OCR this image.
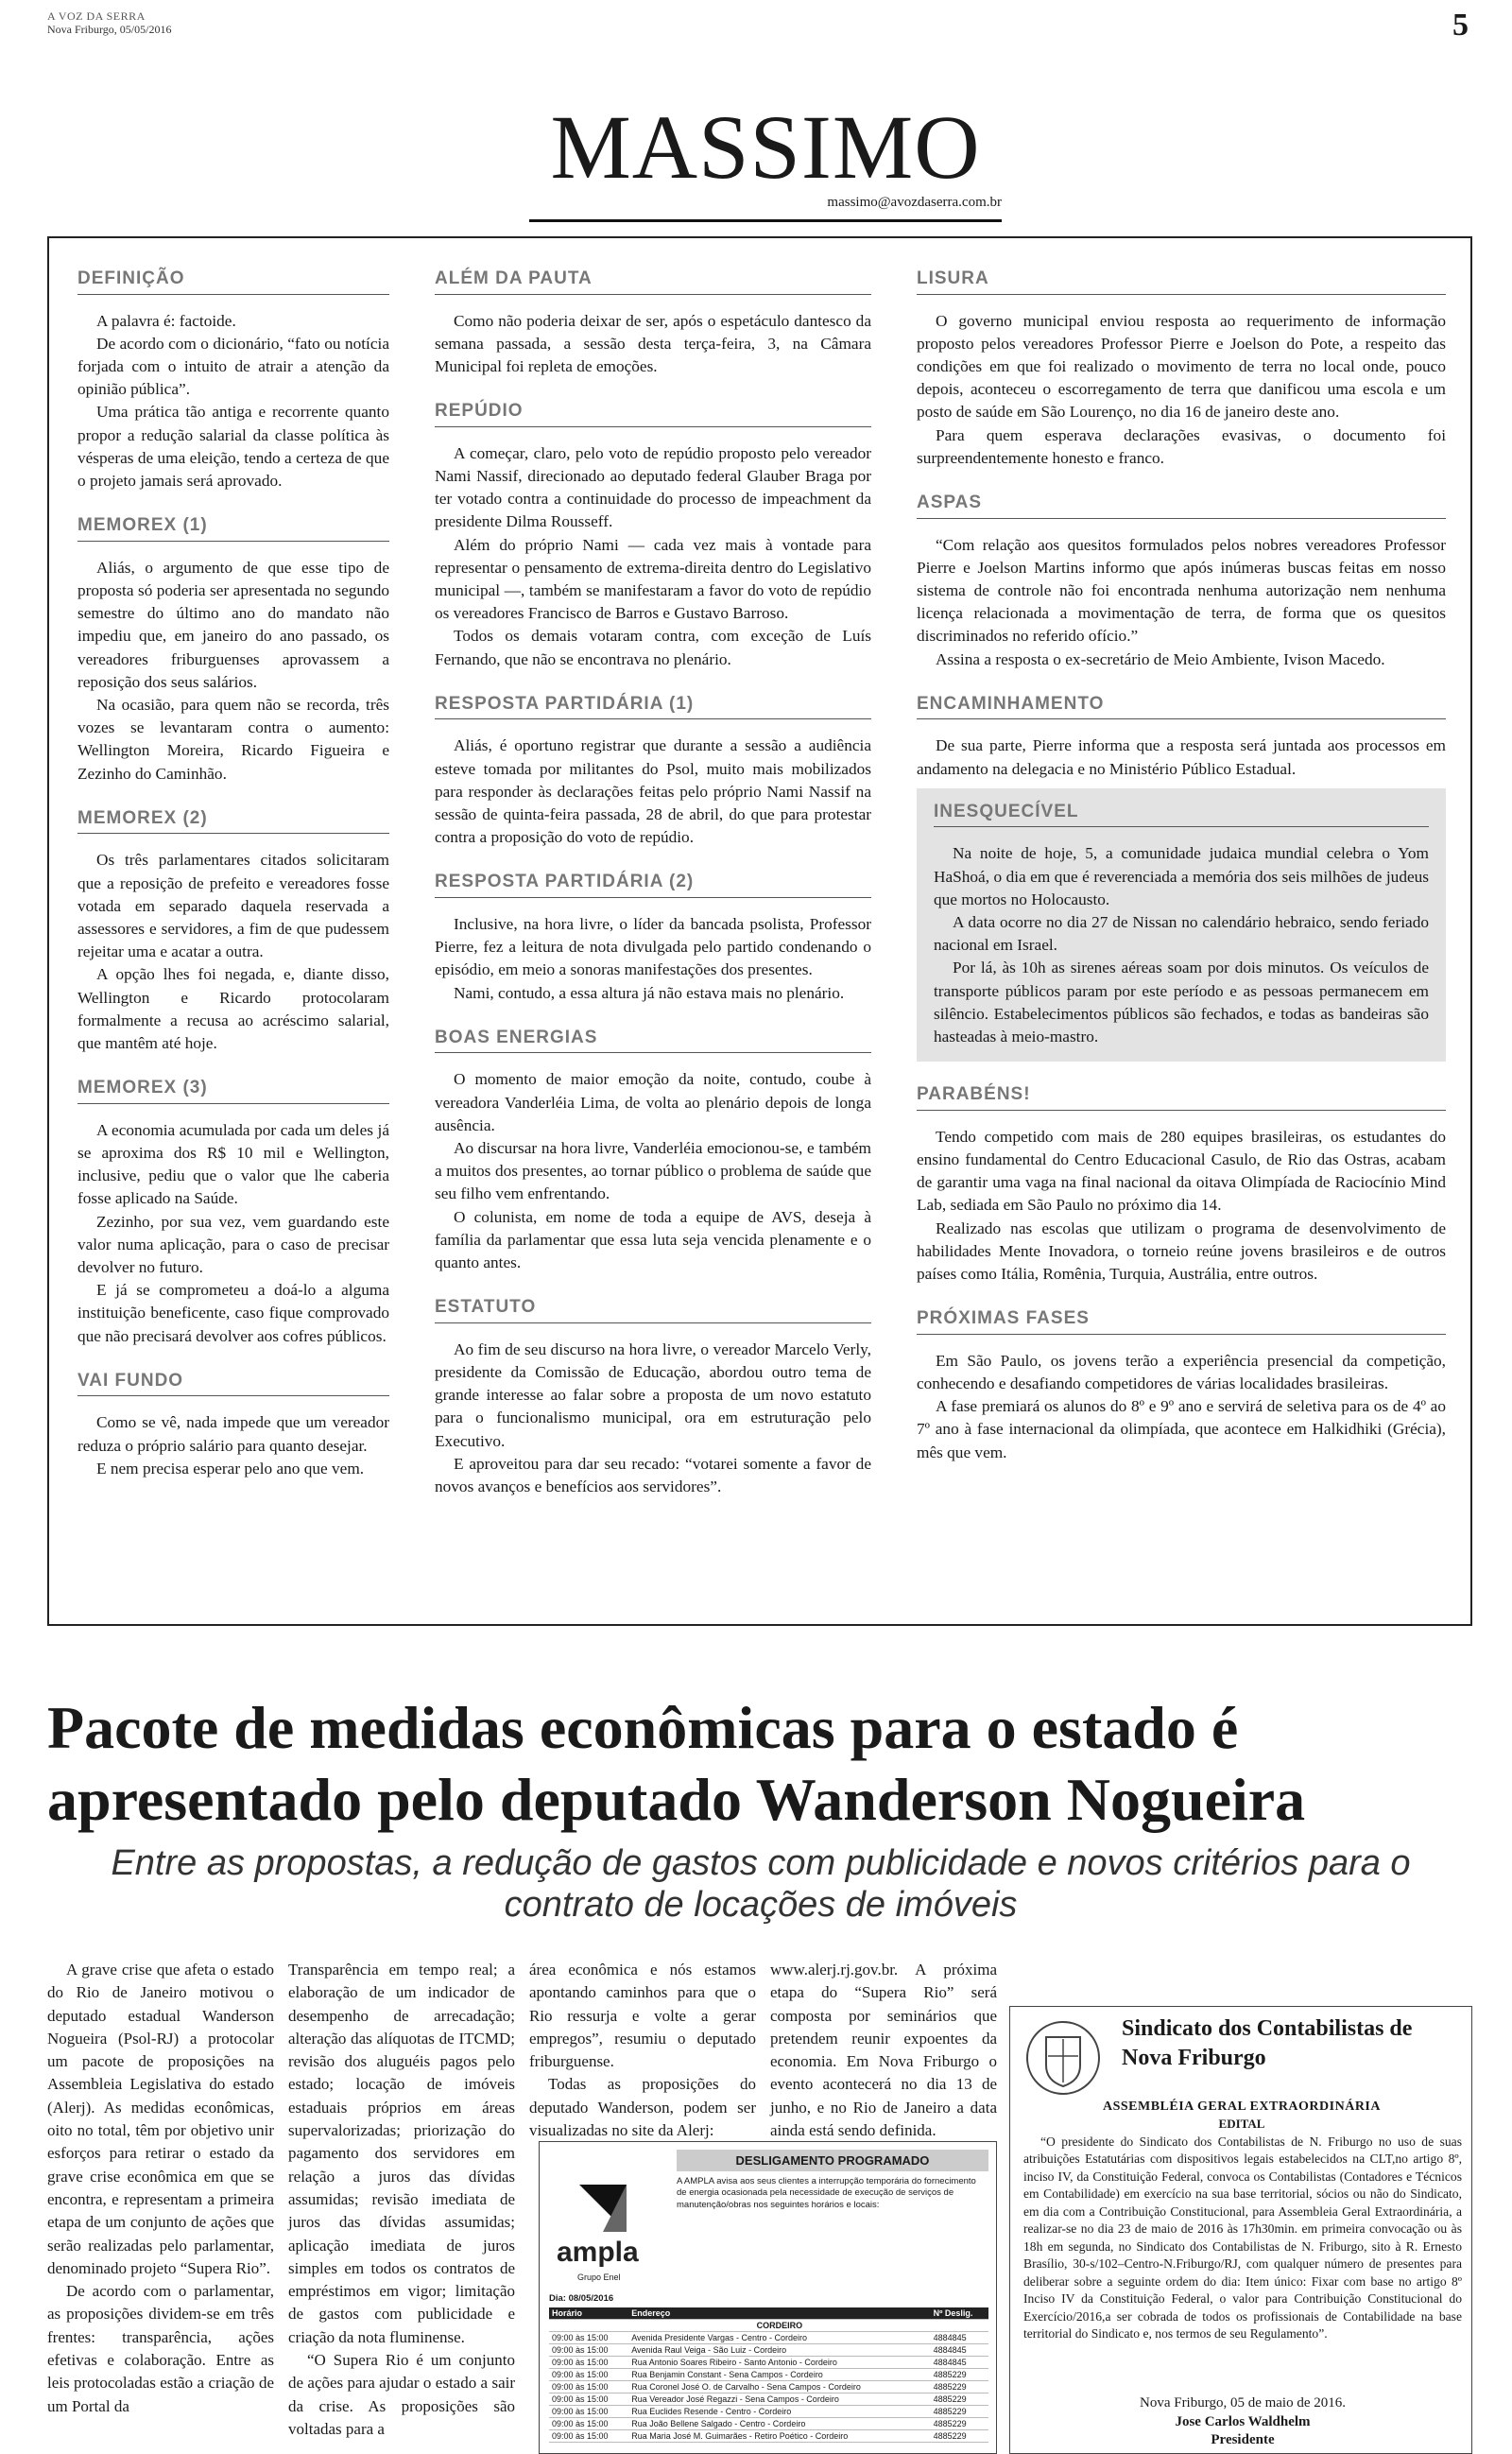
A VOZ DA SERRA
Nova Friburgo, 05/05/2016	5
MASSIMO
massimo@avozdaserra.com.br
DEFINIÇÃO

A palavra é: factoide.

De acordo com o dicionário, “fato ou notícia forjada com o intuito de atrair a atenção da opinião pública”.

Uma prática tão antiga e recorrente quanto propor a redução salarial da classe política às vésperas de uma eleição, tendo a certeza de que o projeto jamais será aprovado.

MEMOREX (1)

Aliás, o argumento de que esse tipo de proposta só poderia ser apresentada no segundo semestre do último ano do mandato não impediu que, em janeiro do ano passado, os vereadores friburguenses aprovassem a reposição dos seus salários.

Na ocasião, para quem não se recorda, três vozes se levantaram contra o aumento: Wellington Moreira, Ricardo Figueira e Zezinho do Caminhão.

MEMOREX (2)

Os três parlamentares citados solicitaram que a reposição de prefeito e vereadores fosse votada em separado daquela reservada a assessores e servidores, a fim de que pudessem rejeitar uma e acatar a outra.

A opção lhes foi negada, e, diante disso, Wellington e Ricardo protocolaram formalmente a recusa ao acréscimo salarial, que mantêm até hoje.

MEMOREX (3)

A economia acumulada por cada um deles já se aproxima dos R$ 10 mil e Wellington, inclusive, pediu que o valor que lhe caberia fosse aplicado na Saúde.

Zezinho, por sua vez, vem guardando este valor numa aplicação, para o caso de precisar devolver no futuro.

E já se comprometeu a doá-lo a alguma instituição beneficente, caso fique comprovado que não precisará devolver aos cofres públicos.

VAI FUNDO

Como se vê, nada impede que um vereador reduza o próprio salário para quanto desejar.

E nem precisa esperar pelo ano que vem.

ALÉM DA PAUTA

Como não poderia deixar de ser, após o espetáculo dantesco da semana passada, a sessão desta terça-feira, 3, na Câmara Municipal foi repleta de emoções.

REPÚDIO

A começar, claro, pelo voto de repúdio proposto pelo vereador Nami Nassif, direcionado ao deputado federal Glauber Braga por ter votado contra a continuidade do processo de impeachment da presidente Dilma Rousseff.

Além do próprio Nami — cada vez mais à vontade para representar o pensamento de extrema-direita dentro do Legislativo municipal —, também se manifestaram a favor do voto de repúdio os vereadores Francisco de Barros e Gustavo Barroso.

Todos os demais votaram contra, com exceção de Luís Fernando, que não se encontrava no plenário.

RESPOSTA PARTIDÁRIA (1)

Aliás, é oportuno registrar que durante a sessão a audiência esteve tomada por militantes do Psol, muito mais mobilizados para responder às declarações feitas pelo próprio Nami Nassif na sessão de quinta-feira passada, 28 de abril, do que para protestar contra a proposição do voto de repúdio.

RESPOSTA PARTIDÁRIA (2)

Inclusive, na hora livre, o líder da bancada psolista, Professor Pierre, fez a leitura de nota divulgada pelo partido condenando o episódio, em meio a sonoras manifestações dos presentes.

Nami, contudo, a essa altura já não estava mais no plenário.

BOAS ENERGIAS

O momento de maior emoção da noite, contudo, coube à vereadora Vanderléia Lima, de volta ao plenário depois de longa ausência.

Ao discursar na hora livre, Vanderléia emocionou-se, e também a muitos dos presentes, ao tornar público o problema de saúde que seu filho vem enfrentando.

O colunista, em nome de toda a equipe de AVS, deseja à família da parlamentar que essa luta seja vencida plenamente e o quanto antes.

ESTATUTO

Ao fim de seu discurso na hora livre, o vereador Marcelo Verly, presidente da Comissão de Educação, abordou outro tema de grande interesse ao falar sobre a proposta de um novo estatuto para o funcionalismo municipal, ora em estruturação pelo Executivo.

E aproveitou para dar seu recado: “votarei somente a favor de novos avanços e benefícios aos servidores”.

LISURA

O governo municipal enviou resposta ao requerimento de informação proposto pelos vereadores Professor Pierre e Joelson do Pote, a respeito das condições em que foi realizado o movimento de terra no local onde, pouco depois, aconteceu o escorregamento de terra que danificou uma escola e um posto de saúde em São Lourenço, no dia 16 de janeiro deste ano.

Para quem esperava declarações evasivas, o documento foi surpreendentemente honesto e franco.

ASPAS

“Com relação aos quesitos formulados pelos nobres vereadores Professor Pierre e Joelson Martins informo que após inúmeras buscas feitas em nosso sistema de controle não foi encontrada nenhuma autorização nem nenhuma licença relacionada a movimentação de terra, de forma que os quesitos discriminados no referido ofício.”

Assina a resposta o ex-secretário de Meio Ambiente, Ivison Macedo.

ENCAMINHAMENTO

De sua parte, Pierre informa que a resposta será juntada aos processos em andamento na delegacia e no Ministério Público Estadual.

INESQUECÍVEL

Na noite de hoje, 5, a comunidade judaica mundial celebra o Yom HaShoá, o dia em que é reverenciada a memória dos seis milhões de judeus que mortos no Holocausto.

A data ocorre no dia 27 de Nissan no calendário hebraico, sendo feriado nacional em Israel.

Por lá, às 10h as sirenes aéreas soam por dois minutos. Os veículos de transporte públicos param por este período e as pessoas permanecem em silêncio. Estabelecimentos públicos são fechados, e todas as bandeiras são hasteadas à meio-mastro.

PARABÉNS!

Tendo competido com mais de 280 equipes brasileiras, os estudantes do ensino fundamental do Centro Educacional Casulo, de Rio das Ostras, acabam de garantir uma vaga na final nacional da oitava Olimpíada de Raciocínio Mind Lab, sediada em São Paulo no próximo dia 14.

Realizado nas escolas que utilizam o programa de desenvolvimento de habilidades Mente Inovadora, o torneio reúne jovens brasileiros e de outros países como Itália, Romênia, Turquia, Austrália, entre outros.

PRÓXIMAS FASES

Em São Paulo, os jovens terão a experiência presencial da competição, conhecendo e desafiando competidores de várias localidades brasileiras.

A fase premiará os alunos do 8º e 9º ano e servirá de seletiva para os de 4º ao 7º ano à fase internacional da olimpíada, que acontece em Halkidhiki (Grécia), mês que vem.

Pacote de medidas econômicas para o estado é apresentado pelo deputado Wanderson Nogueira
Entre as propostas, a redução de gastos com publicidade e novos critérios para o contrato de locações de imóveis

A grave crise que afeta o estado do Rio de Janeiro motivou o deputado estadual Wanderson Nogueira (Psol-RJ) a protocolar um pacote de proposições na Assembleia Legislativa do estado (Alerj). As medidas econômicas, oito no total, têm por objetivo unir esforços para retirar o estado da grave crise econômica em que se encontra, e representam a primeira etapa de um conjunto de ações que serão realizadas pelo parlamentar, denominado projeto “Supera Rio”.

De acordo com o parlamentar, as proposições dividem-se em três frentes: transparência, ações efetivas e colaboração. Entre as leis protocoladas estão a criação de um Portal da

Transparência em tempo real; a elaboração de um indicador de desempenho de arrecadação; alteração das alíquotas de ITCMD; revisão dos aluguéis pagos pelo estado; locação de imóveis estaduais próprios em áreas supervalorizadas; priorização do pagamento dos servidores em relação a juros das dívidas assumidas; revisão imediata de juros das dívidas assumidas; aplicação imediata de juros simples em todos os contratos de empréstimos em vigor; limitação de gastos com publicidade e criação da nota fluminense.

“O Supera Rio é um conjunto de ações para ajudar o estado a sair da crise. As proposições são voltadas para a

área econômica e nós estamos apontando caminhos para que o Rio ressurja e volte a gerar empregos”, resumiu o deputado friburguense.

Todas as proposições do deputado Wanderson, podem ser visualizadas no site da Alerj:

www.alerj.rj.gov.br. A próxima etapa do “Supera Rio” será composta por seminários que pretendem reunir expoentes da economia. Em Nova Friburgo o evento acontecerá no dia 13 de junho, e no Rio de Janeiro a data ainda está sendo definida.

ampla
Grupo Enel
DESLIGAMENTO PROGRAMADO
A AMPLA avisa aos seus clientes a interrupção temporária do fornecimento de energia ocasionada pela necessidade de execução de serviços de manutenção/obras nos seguintes horários e locais:
Dia: 08/05/2016
Horário	Endereço	Nº Deslig.
	CORDEIRO	
09:00 às 15:00	Avenida Presidente Vargas - Centro - Cordeiro	4884845
09:00 às 15:00	Avenida Raul Veiga - São Luiz - Cordeiro	4884845
09:00 às 15:00	Rua Antonio Soares Ribeiro - Santo Antonio - Cordeiro	4884845
09:00 às 15:00	Rua Benjamin Constant - Sena Campos - Cordeiro	4885229
09:00 às 15:00	Rua Coronel José O. de Carvalho - Sena Campos - Cordeiro	4885229
09:00 às 15:00	Rua Vereador José Regazzi - Sena Campos - Cordeiro	4885229
09:00 às 15:00	Rua Euclides Resende - Centro - Cordeiro	4885229
09:00 às 15:00	Rua João Bellene Salgado - Centro - Cordeiro	4885229
09:00 às 15:00	Rua Maria José M. Guimarães - Retiro Poético - Cordeiro	4885229
Sindicato dos Contabilistas de Nova Friburgo
ASSEMBLÉIA GERAL EXTRAORDINÁRIA
EDITAL
“O presidente do Sindicato dos Contabilistas de N. Friburgo no uso de suas atribuições Estatutárias com dispositivos legais estabelecidos na CLT,no artigo 8º, inciso IV, da Constituição Federal, convoca os Contabilistas (Contadores e Técnicos em Contabilidade) em exercício na sua base territorial, sócios ou não do Sindicato, em dia com a Contribuição Constitucional, para Assembleia Geral Extraordinária, a realizar-se no dia 23 de maio de 2016 às 17h30min. em primeira convocação ou às 18h em segunda, no Sindicato dos Contabilistas de N. Friburgo, sito à R. Ernesto Brasílio, 30-s/102–Centro-N.Friburgo/RJ, com qualquer número de presentes para deliberar sobre a seguinte ordem do dia: Item único: Fixar com base no artigo 8º Inciso IV da Constituição Federal, o valor para Contribuição Constitucional do Exercício/2016,a ser cobrada de todos os profissionais de Contabilidade na base territorial do Sindicato e, nos termos de seu Regulamento”.
Nova Friburgo, 05 de maio de 2016.
Jose Carlos Waldhelm
Presidente
